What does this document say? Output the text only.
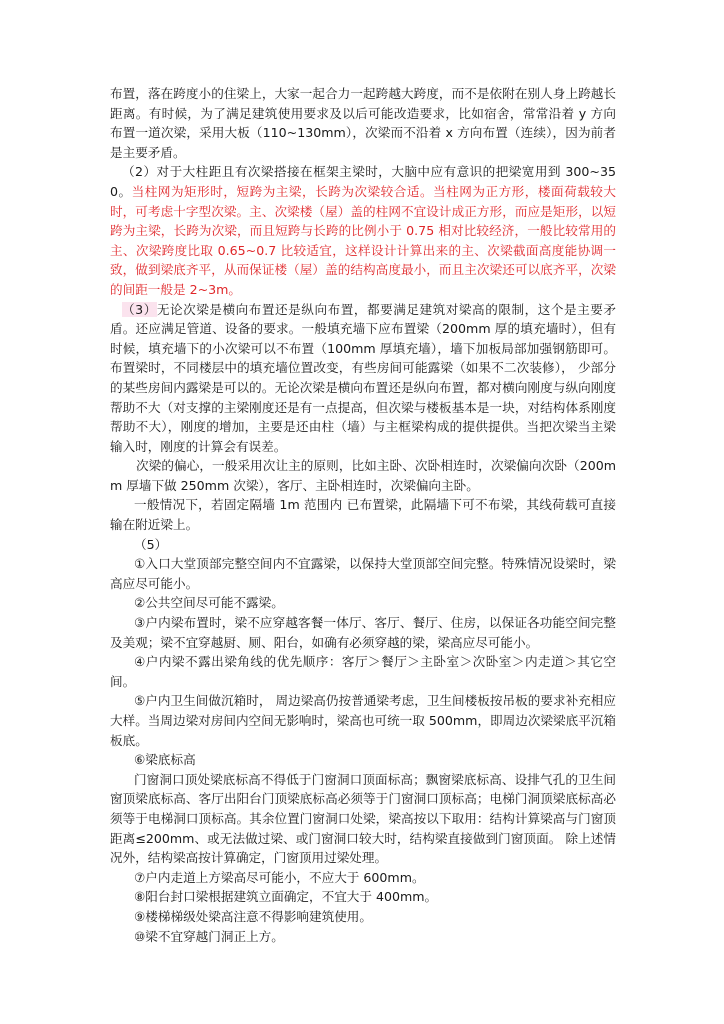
布置，落在跨度小的住梁上，大家一起合力一起跨越大跨度，而不是依附在别人身上跨越长距离。有时候，为了满足建筑使用要求及以后可能改造要求，比如宿舍，常常沿着 y 方向 布置一道次梁，采用大板（110~130mm），次梁而不沿着 x 方向布置（连续），因为前者是主要矛盾。

（2）对于大柱距且有次梁搭接在框架主梁时，大脑中应有意识的把梁宽用到 300~350。当柱网为矩形时，短跨为主梁，长跨为次梁较合适。当柱网为正方形，楼面荷载较大时，可考虑十字型次梁。主、次梁楼（屋）盖的柱网不宜设计成正方形，而应是矩形，以短跨为主梁，长跨为次梁，而且短跨与长跨的比例小于 0.75 相对比较经济，一般比较常用的主、次梁跨度比取 0.65~0.7 比较适宜，这样设计计算出来的主、次梁截面高度能协调一致，做到梁底齐平，从而保证楼（屋）盖的结构高度最小，而且主次梁还可以底齐平，次梁的间距一般是 2~3m。

（3）无论次梁是横向布置还是纵向布置，都要满足建筑对梁高的限制，这个是主要矛盾。还应满足管道、设备的要求。一般填充墙下应布置梁（200mm 厚的填充墙时），但有时候，填充墙下的小次梁可以不布置（100mm 厚填充墙），墙下加板局部加强钢筋即可。布置梁时，不同楼层中的填充墙位置改变，有些房间可能露梁（如果不二次装修）， 少部分的某些房间内露梁是可以的。无论次梁是横向布置还是纵向布置，都对横向刚度与纵向刚度帮助不大（对支撑的主梁刚度还是有一点提高，但次梁与楼板基本是一块，对结构体系刚度帮助不大），刚度的增加，主要是还由柱（墙）与主框梁构成的提供提供。当把次梁当主梁输入时，刚度的计算会有误差。

次梁的偏心，一般采用次让主的原则，比如主卧、次卧相连时，次梁偏向次卧（200mm 厚墙下做 250mm 次梁），客厅、主卧相连时，次梁偏向主卧。

一般情况下，若固定隔墙 1m 范围内 已布置梁，此隔墙下可不布梁，其线荷载可直接输在附近梁上。

（5）

①入口大堂顶部完整空间内不宜露梁，以保持大堂顶部空间完整。特殊情况设梁时，梁高应尽可能小。

②公共空间尽可能不露梁。

③户内梁布置时，梁不应穿越客餐一体厅、客厅、餐厅、住房，以保证各功能空间完整及美观；梁不宜穿越厨、厕、阳台，如确有必须穿越的梁，梁高应尽可能小。

④户内梁不露出梁角线的优先顺序：客厅＞餐厅＞主卧室＞次卧室＞内走道＞其它空间。

⑤户内卫生间做沉箱时， 周边梁高仍按普通梁考虑，卫生间楼板按吊板的要求补充相应大样。当周边梁对房间内空间无影响时，梁高也可统一取 500mm，即周边次梁梁底平沉箱板底。

⑥梁底标高

门窗洞口顶处梁底标高不得低于门窗洞口顶面标高；飘窗梁底标高、设排气孔的卫生间窗顶梁底标高、客厅出阳台门顶梁底标高必须等于门窗洞口顶标高；电梯门洞顶梁底标高必须等于电梯洞口顶标高。其余位置门窗洞口处梁，梁高按以下取用：结构计算梁高与门窗顶距离≤200mm、或无法做过梁、或门窗洞口较大时，结构梁直接做到门窗顶面。 除上述情况外，结构梁高按计算确定，门窗顶用过梁处理。

⑦户内走道上方梁高尽可能小，不应大于 600mm。

⑧阳台封口梁根据建筑立面确定，不宜大于 400mm。

⑨楼梯梯级处梁高注意不得影响建筑使用。

⑩梁不宜穿越门洞正上方。
